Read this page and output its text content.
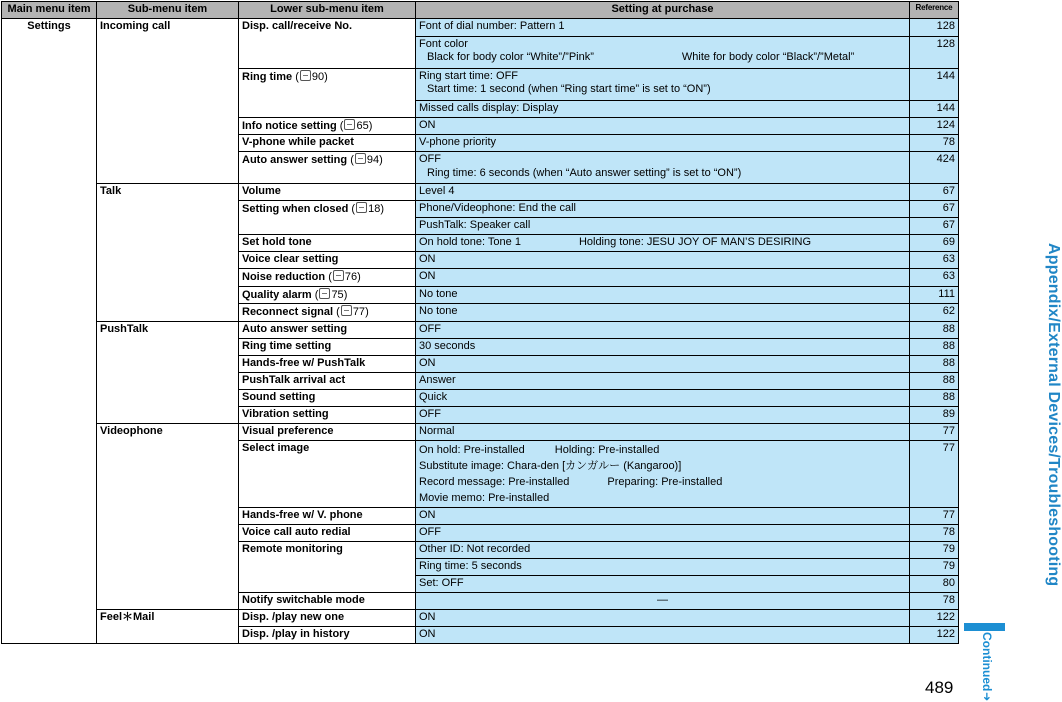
Main menu item	Sub-menu item	Lower sub-menu item	Setting at purchase	Reference
Settings	Incoming call	Disp. call/receive No.	Font of dial number: Pattern 1	128
			Font color

Black for body color “White”/”Pink” White for body color “Black”/”Metal”	128
		Ring time ( 90)	Ring start time: OFF

Start time: 1 second (when “Ring start time” is set to “ON”)	144
			Missed calls display: Display	144
		Info notice setting ( 65)	ON	124
		V-phone while packet	V-phone priority	78
		Auto answer setting ( 94)	OFF

Ring time: 6 seconds (when “Auto answer setting” is set to “ON”)	424
	Talk	Volume	Level 4	67
		Setting when closed ( 18)	Phone/Videophone: End the call	67
			PushTalk: Speaker call	67
		Set hold tone	On hold tone: Tone 1 Holding tone: JESU JOY OF MAN’S DESIRING	69
		Voice clear setting	ON	63
		Noise reduction ( 76)	ON	63
		Quality alarm ( 75)	No tone	111
		Reconnect signal ( 77)	No tone	62
	PushTalk	Auto answer setting	OFF	88
		Ring time setting	30 seconds	88
		Hands-free w/ PushTalk	ON	88
		PushTalk arrival act	Answer	88
		Sound setting	Quick	88
		Vibration setting	OFF	89
	Videophone	Visual preference	Normal	77
		Select image	On hold: Pre-installed Holding: Pre-installed
Substitute image: Chara-den [カンガルー (Kangaroo)]
Record message: Pre-installed Preparing: Pre-installed
Movie memo: Pre-installed	77
		Hands-free w/ V. phone	ON	77
		Voice call auto redial	OFF	78
		Remote monitoring	Other ID: Not recorded	79
			Ring time: 5 seconds	79
			Set: OFF	80
		Notify switchable mode	—	78
	Feel＊Mail	Disp. /play new one	ON	122
		Disp. /play in history	ON	122
Appendix/External Devices/Troubleshooting
Continued
➜
489
